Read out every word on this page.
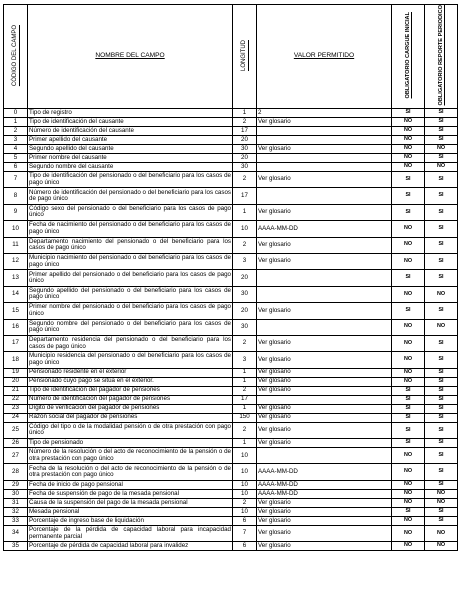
CÓDIGO DEL CAMPO	NOMBRE DEL CAMPO	LONGITUD	VALOR PERMITIDO	OBLIGATORIO CARGUE INICIAL	OBLIGATORIO REPORTE PERIODICO
0	Tipo de registro	1	2	SI	SI
1	Tipo de identificación del causante	2	Ver glosario	NO	SI
2	Número de identificación del causante	17		NO	SI
3	Primer apellido del causante	20		NO	SI
4	Segundo apellido del causante	30	Ver glosario	NO	NO
5	Primer nombre del causante	20		NO	SI
6	Segundo nombre del causante	30		NO	NO
7	Tipo de identificación del pensionado o del beneficiario para los casos de pago único	2	Ver glosario	SI	SI
8	Número de identificación del pensionado o del beneficiario para los casos de pago único	17		SI	SI
9	Código sexo del pensionado o del beneficiario para los casos de pago único	1	Ver glosario	SI	SI
10	Fecha de nacimiento del pensionado o del beneficiario para los casos de pago único	10	AAAA-MM-DD	NO	SI
11	Departamento nacimiento del pensionado o del beneficiario para los casos de pago único	2	Ver glosario	NO	SI
12	Municipio nacimiento del pensionado o del beneficiario para los casos de pago único	3	Ver glosario	NO	SI
13	Primer apellido del pensionado o del beneficiario para los casos de pago único	20		SI	SI
14	Segundo apellido del pensionado o del beneficiario para los casos de pago único	30		NO	NO
15	Primer nombre del pensionado o del beneficiario para los casos de pago único	20	Ver glosario	SI	SI
16	Segundo nombre del pensionado o del beneficiario para los casos de pago único	30		NO	NO
17	Departamento residencia del pensionado o del beneficiario para los casos de pago único	2	Ver glosario	NO	SI
18	Municipio residencia del pensionado o del beneficiario para los casos de pago único	3	Ver glosario	NO	SI
19	Pensionado residente en el exterior	1	Ver glosario	NO	SI
20	Pensionado cuyo pago se sitúa en el exterior.	1	Ver glosario	NO	SI
21	Tipo de identificación del pagador de pensiones	2	Ver glosario	SI	SI
22	Número de identificación del pagador de pensiones	17		SI	SI
23	Dígito de verificación del pagador de pensiones	1	Ver glosario	SI	SI
24	Razón social del pagador de pensiones	150	Ver glosario	SI	SI
25	Código del tipo o de la modalidad pensión o de otra prestación con pago único	2	Ver glosario	SI	SI
26	Tipo de pensionado	1	Ver glosario	SI	SI
27	Número de la resolución o del acto de reconocimiento de la pensión o de otra prestación con pago único	10		NO	SI
28	Fecha de la resolución o del acto de reconocimiento de la pensión o de otra prestación con pago único	10	AAAA-MM-DD	NO	SI
29	Fecha de inicio de pago pensional	10	AAAA-MM-DD	NO	SI
30	Fecha de suspensión de pago de la mesada pensional	10	AAAA-MM-DD	NO	NO
31	Causa de la suspensión del pago de la mesada pensional	2	Ver glosario	NO	NO
32	Mesada pensional	10	Ver glosario	SI	SI
33	Porcentaje de ingreso base de liquidación	6	Ver glosario	NO	SI
34	Porcentaje de la pérdida de capacidad laboral para incapacidad permanente parcial	7	Ver glosario	NO	NO
35	Porcentaje de pérdida de capacidad laboral para invalidez	6	Ver glosario	NO	NO
